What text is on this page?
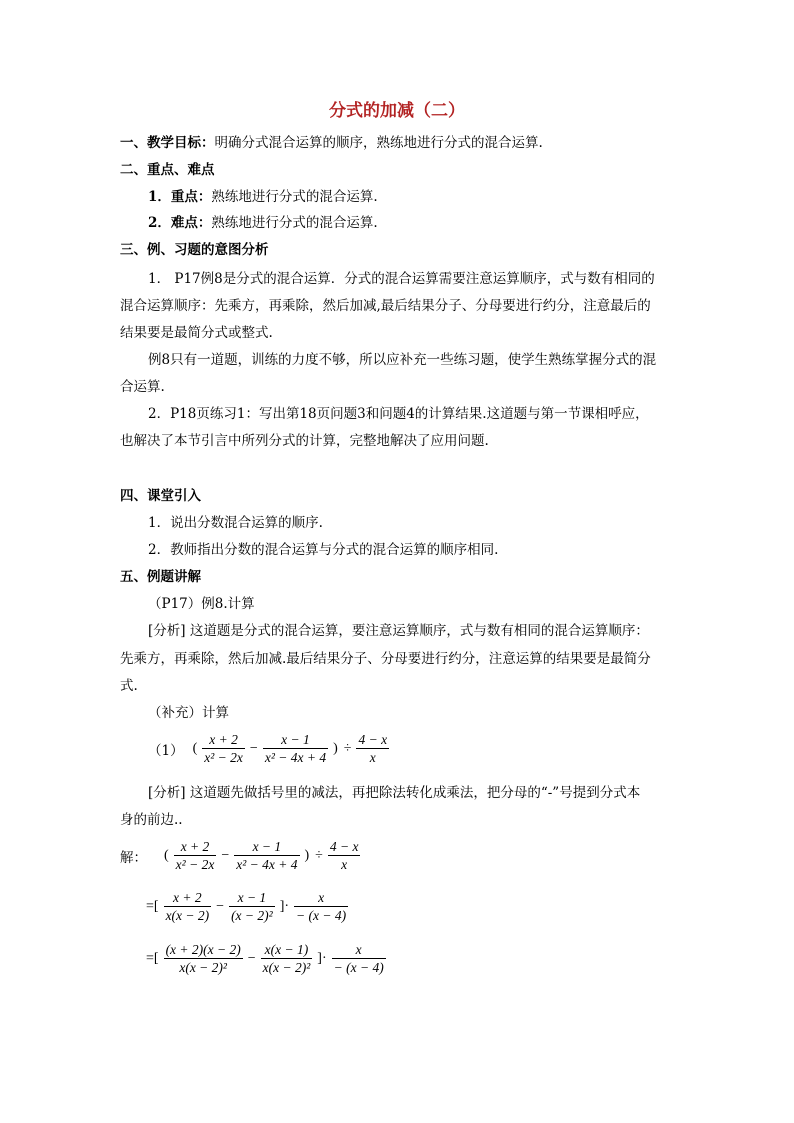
分式的加减（二）
一、教学目标：明确分式混合运算的顺序，熟练地进行分式的混合运算.
二、重点、难点
1．重点：熟练地进行分式的混合运算.
2．难点：熟练地进行分式的混合运算.
三、例、习题的意图分析
1． P17例8是分式的混合运算．分式的混合运算需要注意运算顺序，式与数有相同的
混合运算顺序：先乘方，再乘除，然后加减,最后结果分子、分母要进行约分，注意最后的
结果要是最简分式或整式.
例8只有一道题，训练的力度不够，所以应补充一些练习题，使学生熟练掌握分式的混
合运算.
2．P18页练习1：写出第18页问题3和问题4的计算结果.这道题与第一节课相呼应，
也解决了本节引言中所列分式的计算，完整地解决了应用问题.
四、课堂引入
1．说出分数混合运算的顺序.
2．教师指出分数的混合运算与分式的混合运算的顺序相同.
五、例题讲解
（P17）例8.计算
[分析] 这道题是分式的混合运算，要注意运算顺序，式与数有相同的混合运算顺序：
先乘方，再乘除，然后加减.最后结果分子、分母要进行约分，注意运算的结果要是最简分
式.
（补充）计算
（1） ( $\frac{x + 2}{\text{x² − 2x}} - \frac{x - 1}{\text{x² − 4x + 4}}$ ) ÷ $\frac{4 - x}{x}$
[分析] 这道题先做括号里的减法，再把除法转化成乘法，把分母的“-”号提到分式本
身的前边..
解： ( $\frac{x + 2}{\text{x² − 2x}} - \frac{x - 1}{\text{x² − 4x + 4}}$ ) ÷ $\frac{4 - x}{x}$
=[ $\frac{x + 2}{x(x - 2)} - \frac{x - 1}{\text{(x − 2)²}}$ ]· $\frac{x}{- (x - 4)}$
=[ $\frac{(x + 2)(x - 2)}{\text{x(x − 2)²}} - \frac{x(x - 1)}{\text{x(x − 2)²}}$ ]· $\frac{x}{- (x - 4)}$
